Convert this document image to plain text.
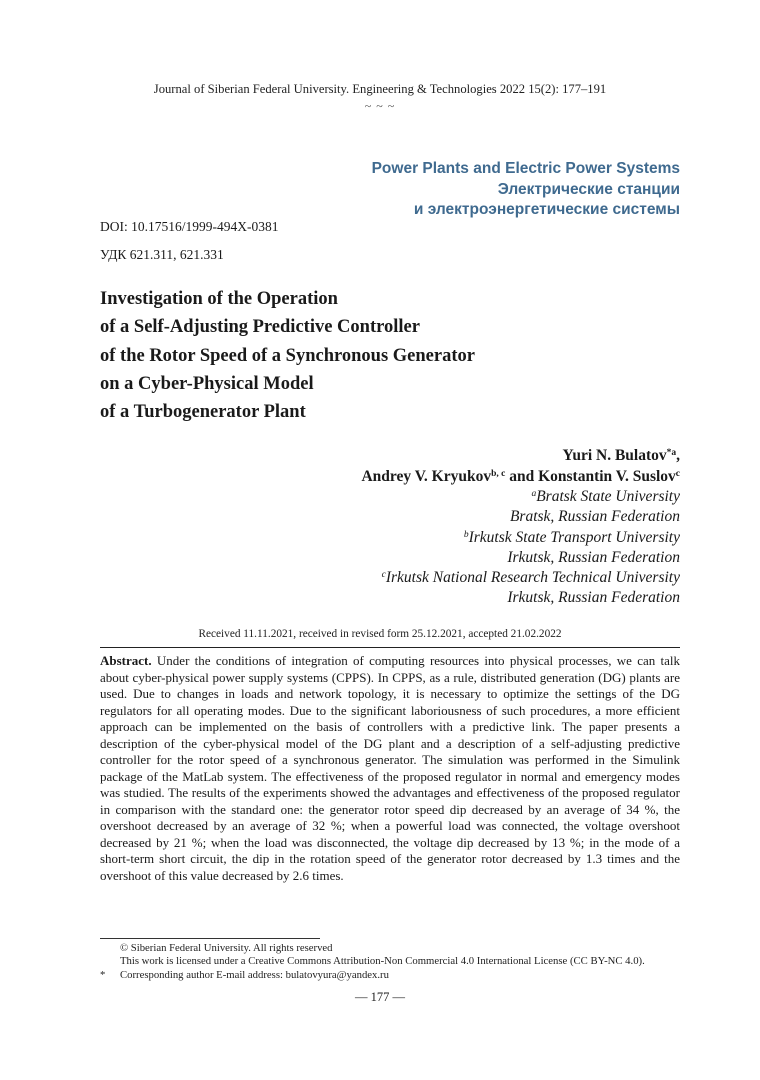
Journal of Siberian Federal University. Engineering & Technologies 2022 15(2): 177–191
~ ~ ~
Power Plants and Electric Power Systems
Электрические станции
и электроэнергетические системы
DOI: 10.17516/1999-494X-0381
УДК 621.311, 621.331
Investigation of the Operation
of a Self-Adjusting Predictive Controller
of the Rotor Speed of a Synchronous Generator
on a Cyber-Physical Model
of a Turbogenerator Plant
Yuri N. Bulatov$^{*a}$,
Andrey V. Kryukov$^{b, c}$ and Konstantin V. Suslov$^c$
$^a$Bratsk State University
Bratsk, Russian Federation
$^b$Irkutsk State Transport University
Irkutsk, Russian Federation
$^c$Irkutsk National Research Technical University
Irkutsk, Russian Federation
Received 11.11.2021, received in revised form 25.12.2021, accepted 21.02.2022
Abstract. Under the conditions of integration of computing resources into physical processes, we can talk about cyber-physical power supply systems (CPPS). In CPPS, as a rule, distributed generation (DG) plants are used. Due to changes in loads and network topology, it is necessary to optimize the settings of the DG regulators for all operating modes. Due to the significant laboriousness of such procedures, a more efficient approach can be implemented on the basis of controllers with a predictive link. The paper presents a description of the cyber-physical model of the DG plant and a description of a self-adjusting predictive controller for the rotor speed of a synchronous generator. The simulation was performed in the Simulink package of the MatLab system. The effectiveness of the proposed regulator in normal and emergency modes was studied. The results of the experiments showed the advantages and effectiveness of the proposed regulator in comparison with the standard one: the generator rotor speed dip decreased by an average of 34 %, the overshoot decreased by an average of 32 %; when a powerful load was connected, the voltage overshoot decreased by 21 %; when the load was disconnected, the voltage dip decreased by 13 %; in the mode of a short-term short circuit, the dip in the rotation speed of the generator rotor decreased by 1.3 times and the overshoot of this value decreased by 2.6 times.
© Siberian Federal University. All rights reserved
This work is licensed under a Creative Commons Attribution-Non Commercial 4.0 International License (CC BY-NC 4.0).
* Corresponding author E-mail address: bulatovyura@yandex.ru
— 177 —
